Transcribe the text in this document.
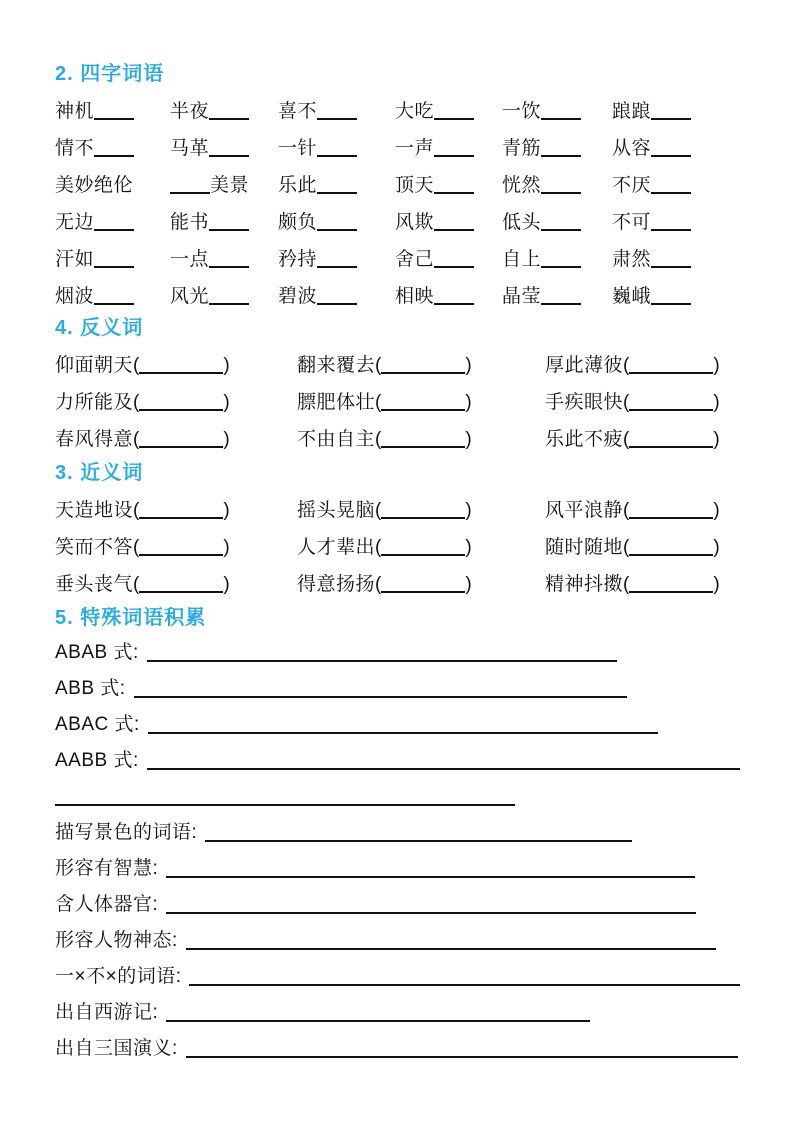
2. 四字词语
神机	半夜	喜不	大吃	一饮	踉踉
情不	马革	一针	一声	青筋	从容
美妙绝伦	美景	乐此	顶天	恍然	不厌
无边	能书	颇负	风欺	低头	不可
汗如	一点	矜持	舍己	自上	肃然
烟波	风光	碧波	相映	晶莹	巍峨
4. 反义词
仰面朝天(	)	翻来覆去(	)	厚此薄彼(	)
力所能及(	)	膘肥体壮(	)	手疾眼快(	)
春风得意(	)	不由自主(	)	乐此不疲(	)
3. 近义词
天造地设(	)	摇头晃脑(	)	风平浪静(	)
笑而不答(	)	人才辈出(	)	随时随地(	)
垂头丧气(	)	得意扬扬(	)	精神抖擞(	)
5. 特殊词语积累
ABAB 式:
ABB 式:
ABAC 式:
AABB 式:
描写景色的词语:
形容有智慧:
含人体器官:
形容人物神态:
一×不×的词语:
出自西游记:
出自三国演义:
